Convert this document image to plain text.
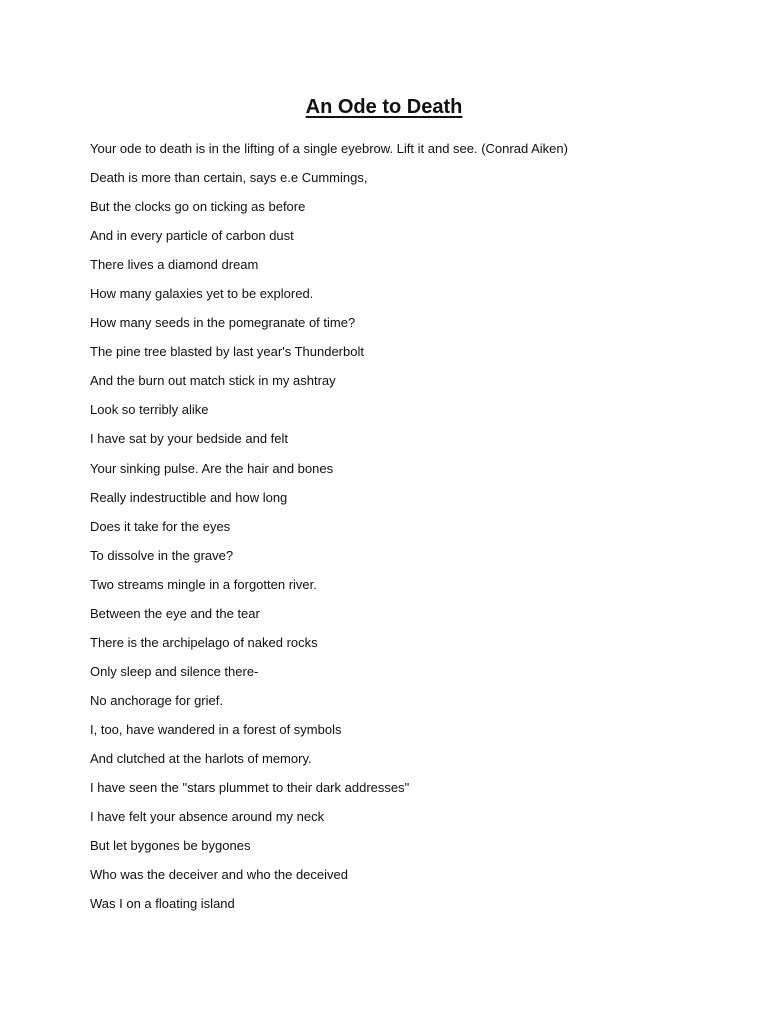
An Ode to Death
Your ode to death is in the lifting of a single eyebrow. Lift it and see. (Conrad Aiken)
Death is more than certain, says e.e Cummings,
But the clocks go on ticking as before
And in every particle of carbon dust
There lives a diamond dream
How many galaxies yet to be explored.
How many seeds in the pomegranate of time?
The pine tree blasted by last year's Thunderbolt
And the burn out match stick in my ashtray
Look so terribly alike
I have sat by your bedside and felt
Your sinking pulse. Are the hair and bones
Really indestructible and how long
Does it take for the eyes
To dissolve in the grave?
Two streams mingle in a forgotten river.
Between the eye and the tear
There is the archipelago of naked rocks
Only sleep and silence there-
No anchorage for grief.
I, too, have wandered in a forest of symbols
And clutched at the harlots of memory.
I have seen the "stars plummet to their dark addresses"
I have felt your absence around my neck
But let bygones be bygones
Who was the deceiver and who the deceived
Was I on a floating island
